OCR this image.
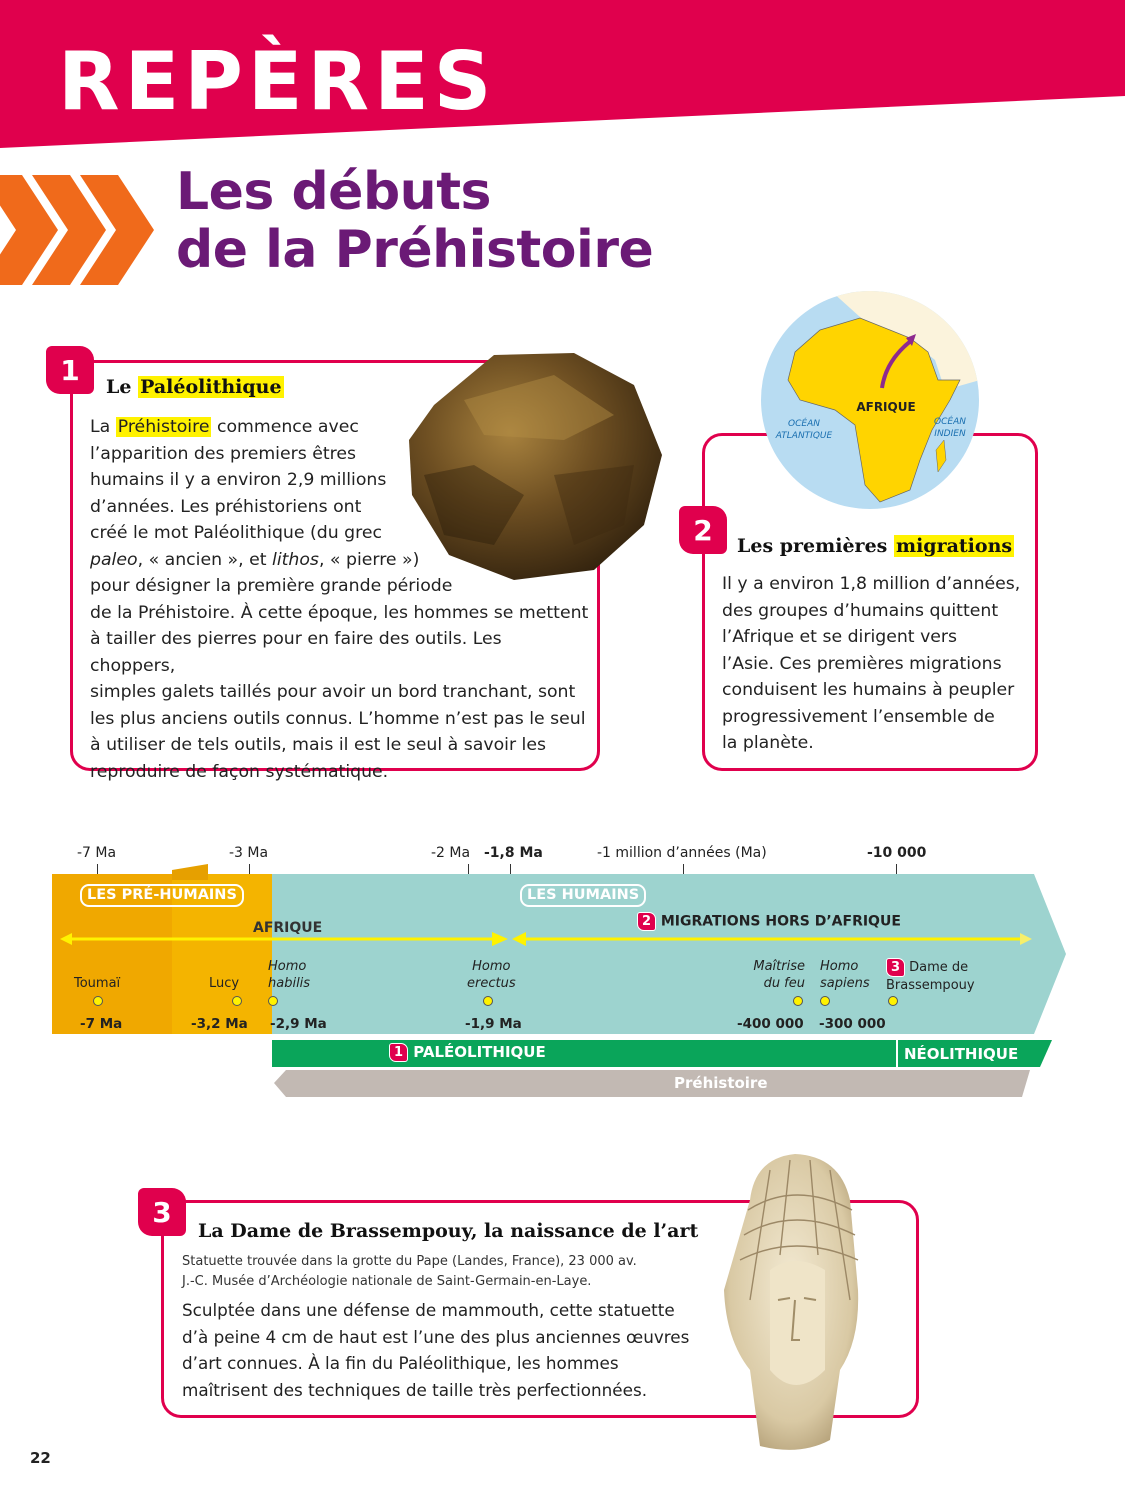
REPÈRES
Les débuts
de la Préhistoire
1
Le Paléolithique
La Préhistoire commence avec
l’apparition des premiers êtres
humains il y a environ 2,9 millions
d’années. Les préhistoriens ont
créé le mot Paléolithique (du grec
paleo, « ancien », et lithos, « pierre »)
pour désigner la première grande période
de la Préhistoire. À cette époque, les hommes se mettent
à tailler des pierres pour en faire des outils. Les choppers,
simples galets taillés pour avoir un bord tranchant, sont
les plus anciens outils connus. L’homme n’est pas le seul
à utiliser de tels outils, mais il est le seul à savoir les
reproduire de façon systématique.
AFRIQUE
OCÉAN
ATLANTIQUE
OCÉAN
INDIEN
2	Les premières migrations
Il y a environ 1,8 million d’années,
des groupes d’humains quittent
l’Afrique et se dirigent vers
l’Asie. Ces premières migrations
conduisent les humains à peupler
progressivement l’ensemble de
la planète.
-7 Ma	-3 Ma	-2 Ma -1,8 Ma	-1 million d’années (Ma)	-10 000
LES PRÉ-HUMAINS	LES HUMAINS
AFRIQUE	2 MIGRATIONS HORS D’AFRIQUE
Toumaï
-7 Ma
Lucy
-3,2 Ma
Homo
habilis
-2,9 Ma
Homo
erectus
-1,9 Ma
Maîtrise
du feu
-400 000
Homo
sapiens
-300 000
3 Dame de
Brassempouy
1 PALÉOLITHIQUE	NÉOLITHIQUE
Préhistoire
3
La Dame de Brassempouy, la naissance de l’art
Statuette trouvée dans la grotte du Pape (Landes, France), 23 000 av.
J.-C. Musée d’Archéologie nationale de Saint-Germain-en-Laye.
Sculptée dans une défense de mammouth, cette statuette
d’à peine 4 cm de haut est l’une des plus anciennes œuvres
d’art connues. À la fin du Paléolithique, les hommes
maîtrisent des techniques de taille très perfectionnées.
22
